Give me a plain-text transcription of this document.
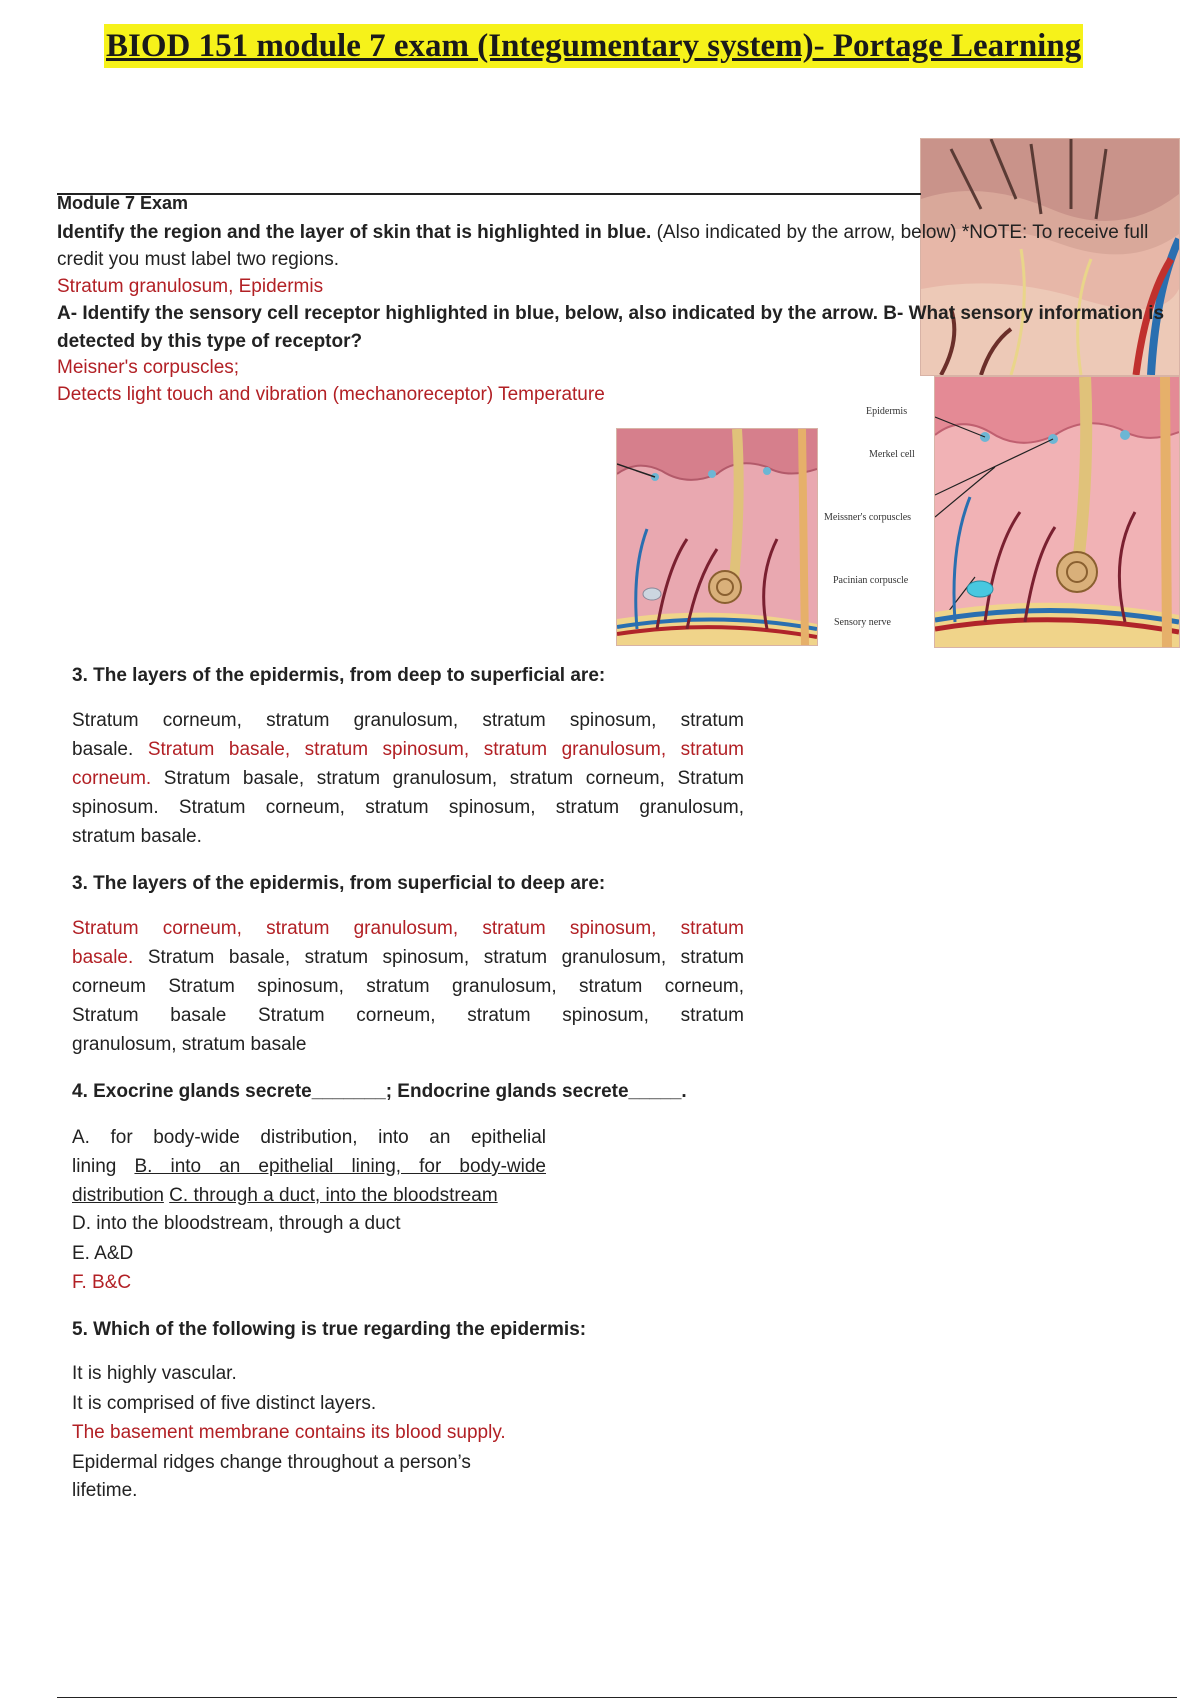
BIOD 151 module 7 exam (Integumentary system)- Portage Learning
Module 7 Exam
Identify the region and the layer of skin that is highlighted in blue. (Also indicated by the arrow, below) *NOTE: To receive full
credit you must label two regions.
Stratum granulosum, Epidermis
A- Identify the sensory cell receptor highlighted in blue, below, also indicated by the arrow. B- What sensory information is
detected by this type of receptor?
Meisner's corpuscles;
Detects light touch and vibration (mechanoreceptor) Temperature
Epidermis
Merkel cell
Meissner's corpuscles
Pacinian corpuscle
Sensory nerve
3. The layers of the epidermis, from deep to superficial are:
Stratum corneum, stratum granulosum, stratum spinosum, stratum
basale. Stratum basale, stratum spinosum, stratum granulosum, stratum
corneum. Stratum basale, stratum granulosum, stratum corneum, Stratum
spinosum. Stratum corneum, stratum spinosum, stratum granulosum,
stratum basale.
3. The layers of the epidermis, from superficial to deep are:
Stratum corneum, stratum granulosum, stratum spinosum, stratum
basale. Stratum basale, stratum spinosum, stratum granulosum, stratum
corneum Stratum spinosum, stratum granulosum, stratum corneum,
Stratum basale Stratum corneum, stratum spinosum, stratum
granulosum, stratum basale
4. Exocrine glands secrete_______; Endocrine glands secrete_____.
A. for body-wide distribution, into an epithelial
lining B. into an epithelial lining, for body-wide
distribution C. through a duct, into the bloodstream
D. into the bloodstream, through a duct
E. A&D
F. B&C
5. Which of the following is true regarding the epidermis:
It is highly vascular.
It is comprised of five distinct layers.
The basement membrane contains its blood supply.
Epidermal ridges change throughout a person’s
lifetime.
